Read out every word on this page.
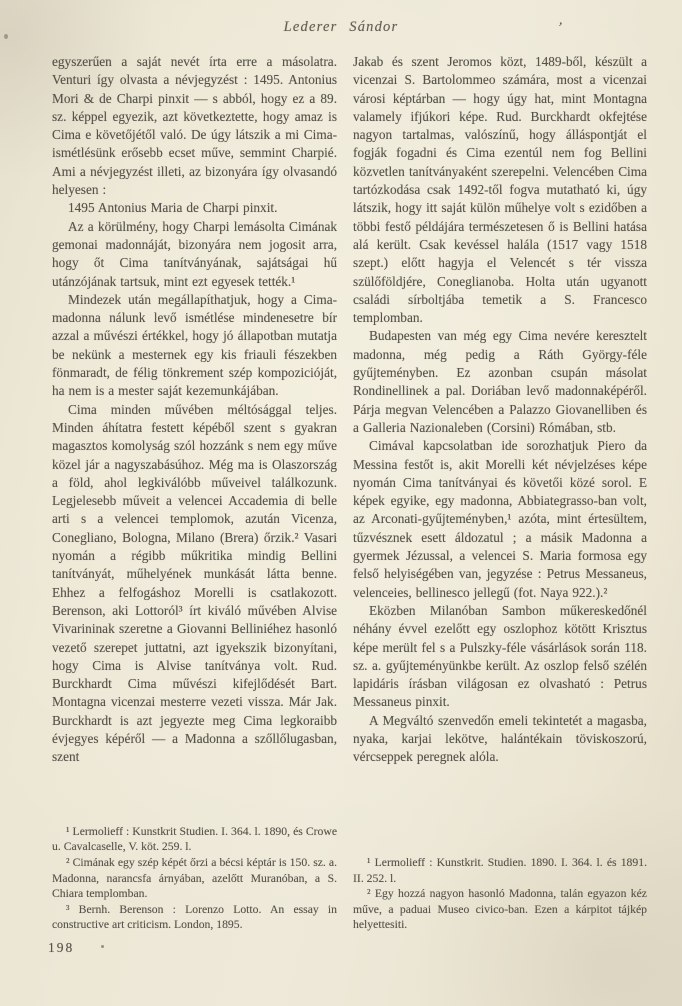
Lederer Sándor	’

egyszerűen a saját nevét írta erre a másolatra. Venturi így olvasta a névjegyzést : 1495. Antonius Mori & de Charpi pinxit — s abból, hogy ez a 89. sz. képpel egyezik, azt következtette, hogy amaz is Cima e követőjétől való. De úgy látszik a mi Cima-ismétlésünk erősebb ecset műve, semmint Charpié. Ami a névjegyzést illeti, az bizonyára így olvasandó helyesen :

1495 Antonius Maria de Charpi pinxit.

Az a körülmény, hogy Charpi lemásolta Cimának gemonai madonnáját, bizonyára nem jogosit arra, hogy őt Cima tanítványának, sajátságai hű utánzójának tartsuk, mint ezt egyesek tették.¹

Mindezek után megállapíthatjuk, hogy a Cima-madonna nálunk levő ismétlése mindenesetre bír azzal a művészi értékkel, hogy jó állapotban mutatja be nekünk a mesternek egy kis friauli fészekben fönmaradt, de félig tönkrement szép kompozicióját, ha nem is a mester saját kezemunkájában.

Cima minden művében méltósággal teljes. Minden áhítatra festett képéből szent s gyakran magasztos komolyság szól hozzánk s nem egy műve közel jár a nagyszabásúhoz. Még ma is Olaszország a föld, ahol legkiválóbb műveivel találkozunk. Legjelesebb műveit a velencei Accademia di belle arti s a velencei templomok, azután Vicenza, Conegliano, Bologna, Milano (Brera) őrzik.² Vasari nyomán a régibb műkritika mindig Bellini tanítványát, műhelyének munkását látta benne. Ehhez a felfogáshoz Morelli is csatlakozott. Berenson, aki Lottoról³ írt kiváló művében Alvise Vivarininak szeretne a Giovanni Belliniéhez hasonló vezető szerepet juttatni, azt igyekszik bizonyítani, hogy Cima is Alvise tanítványa volt. Rud. Burckhardt Cima művészi kifejlődését Bart. Montagna vicenzai mesterre vezeti vissza. Már Jak. Burckhardt is azt jegyezte meg Cima legkoraibb évjegyes képéről — a Madonna a szőllőlugasban, szent

¹ Lermolieff : Kunstkrit Studien. I. 364. l. 1890, és Crowe u. Cavalcaselle, V. köt. 259. l.

² Cimának egy szép képét őrzi a bécsi képtár is 150. sz. a. Madonna, narancsfa árnyában, azelőtt Muranóban, a S. Chiara templomban.

³ Bernh. Berenson : Lorenzo Lotto. An essay in constructive art criticism. London, 1895.

Jakab és szent Jeromos közt, 1489-ből, készült a vicenzai S. Bartolommeo számára, most a vicenzai városi képtárban — hogy úgy hat, mint Montagna valamely ifjúkori képe. Rud. Burckhardt okfejtése nagyon tartalmas, valószínű, hogy álláspontját el fogják fogadni és Cima ezentúl nem fog Bellini közvetlen tanítványaként szerepelni. Velencében Cima tartózkodása csak 1492-től fogva mutatható ki, úgy látszik, hogy itt saját külön műhelye volt s ezidőben a többi festő példájára természetesen ő is Bellini hatása alá került. Csak kevéssel halála (1517 vagy 1518 szept.) előtt hagyja el Velencét s tér vissza szülőföldjére, Coneglianoba. Holta után ugyanott családi sírboltjába temetik a S. Francesco templomban.

Budapesten van még egy Cima nevére keresztelt madonna, még pedig a Ráth György-féle gyűjteményben. Ez azonban csupán másolat Rondinellinek a pal. Doriában levő madonnaképéről. Párja megvan Velencében a Palazzo Giovanelliben és a Galleria Nazionaleben (Corsini) Rómában, stb.

Cimával kapcsolatban ide sorozhatjuk Piero da Messina festőt is, akit Morelli két névjelzéses képe nyomán Cima tanítványai és követői közé sorol. E képek egyike, egy madonna, Abbiategrasso-ban volt, az Arconati-gyűjteményben,¹ azóta, mint értesültem, tűzvésznek esett áldozatul ; a másik Madonna a gyermek Jézussal, a velencei S. Maria formosa egy felső helyiségében van, jegyzése : Petrus Messaneus, velenceies, bellinesco jellegű (fot. Naya 922.).²

Eközben Milanóban Sambon műkereskedőnél néhány évvel ezelőtt egy oszlophoz kötött Krisztus képe merült fel s a Pulszky-féle vásárlások során 118. sz. a. gyűjteményünkbe került. Az oszlop felső szélén lapidáris írásban világosan ez olvasható : Petrus Messaneus pinxit.

A Megváltó szenvedőn emeli tekintetét a magasba, nyaka, karjai lekötve, halántékain töviskoszorú, vércseppek peregnek alóla.

¹ Lermolieff : Kunstkrit. Studien. 1890. I. 364. l. és 1891. II. 252. l.

² Egy hozzá nagyon hasonló Madonna, talán egyazon kéz műve, a paduai Museo civico-ban. Ezen a kárpitot tájkép helyettesiti.

198
